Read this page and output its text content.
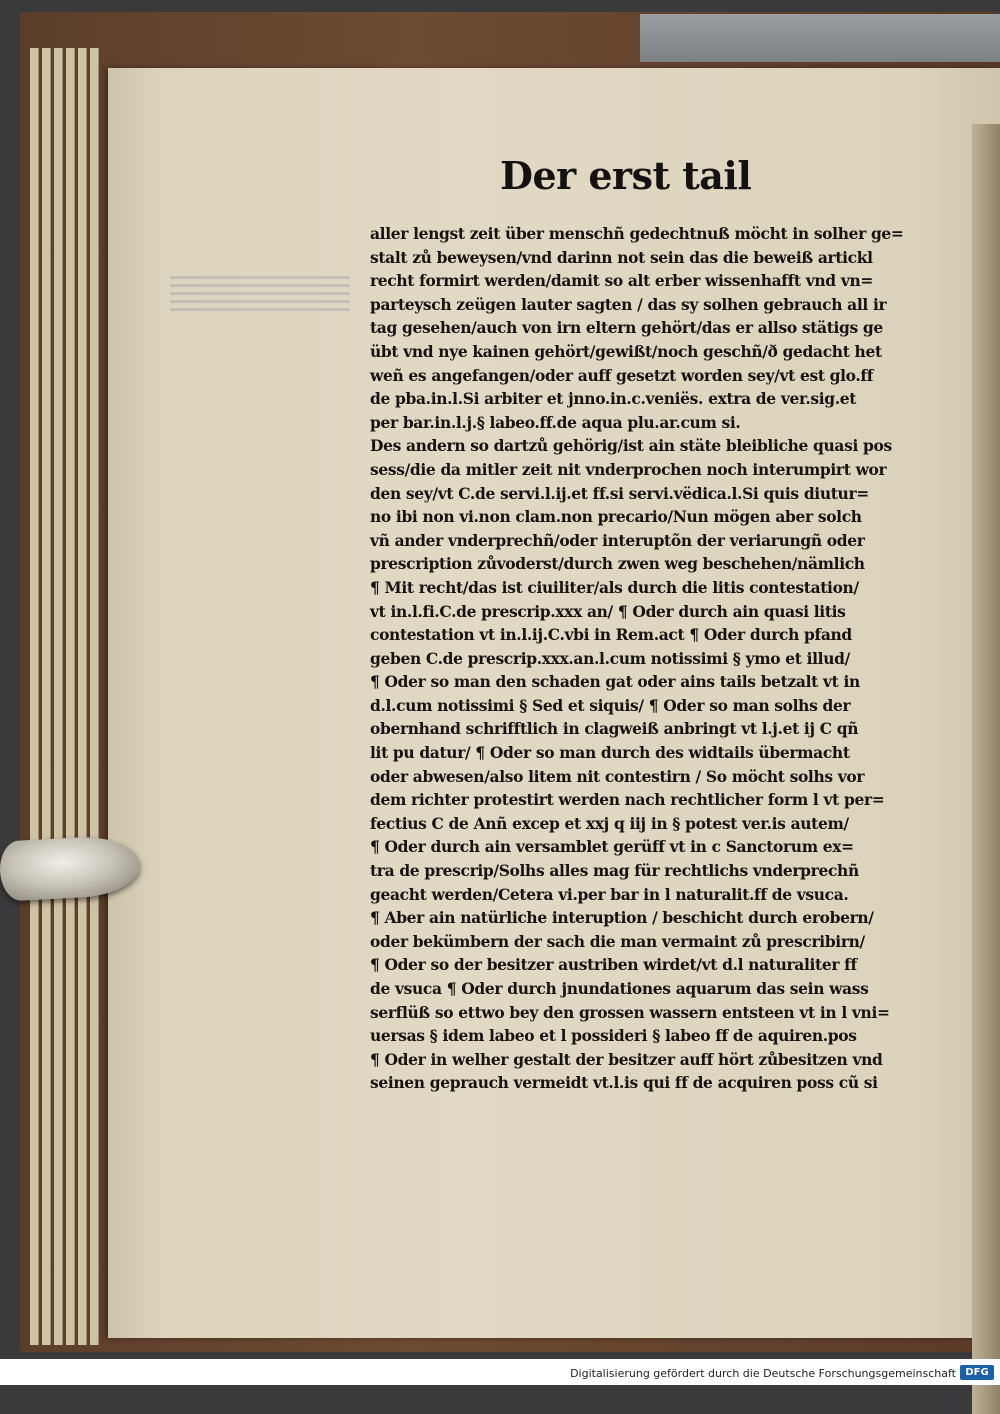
Der erst tail
aller lengst zeit über menschñ gedechtnuß möcht in solher ge=
stalt zů beweysen/vnd darinn not sein das die beweiß artickl
recht formirt werden/damit so alt erber wissenhafft vnd vn=
parteysch zeügen lauter sagten / das sy solhen gebrauch all ir
tag gesehen/auch von irn eltern gehört/das er allso stätigs ge
übt vnd nye kainen gehört/gewißt/noch geschñ/ð gedacht het
weñ es angefangen/oder auff gesetzt worden sey/vt est glo.ff
de pba.in.l.Si arbiter et jnno.in.c.veniës. extra de ver.sig.et
per bar.in.l.j.§ labeo.ff.de aqua plu.ar.cum si.
Des andern so dartzů gehörig/ist ain stäte bleibliche quasi pos
sess/die da mitler zeit nit vnderprochen noch interumpirt wor
den sey/vt C.de servi.l.ij.et ff.si servi.vëdica.l.Si quis diutur=
no ibi non vi.non clam.non precario/Nun mögen aber solch
vñ ander vnderprechñ/oder interuptõn der veriarungñ oder
prescription zůvoderst/durch zwen weg beschehen/nämlich
¶ Mit recht/das ist ciuiliter/als durch die litis contestation/
vt in.l.fi.C.de prescrip.xxx an/ ¶ Oder durch ain quasi litis
contestation vt in.l.ij.C.vbi in Rem.act ¶ Oder durch pfand
geben C.de prescrip.xxx.an.l.cum notissimi § ymo et illud/
¶ Oder so man den schaden gat oder ains tails betzalt vt in
d.l.cum notissimi § Sed et siquis/ ¶ Oder so man solhs der
obernhand schrifftlich in clagweiß anbringt vt l.j.et ij C qñ
lit pu datur/ ¶ Oder so man durch des widtails übermacht
oder abwesen/also litem nit contestirn / So möcht solhs vor
dem richter protestirt werden nach rechtlicher form l vt per=
fectius C de Anñ excep et xxj q iij in § potest ver.is autem/
¶ Oder durch ain versamblet gerüff vt in c Sanctorum ex=
tra de prescrip/Solhs alles mag für rechtlichs vnderprechñ
geacht werden/Cetera vi.per bar in l naturalit.ff de vsuca.
¶ Aber ain natürliche interuption / beschicht durch erobern/
oder bekümbern der sach die man vermaint zů prescribirn/
¶ Oder so der besitzer austriben wirdet/vt d.l naturaliter ff
de vsuca ¶ Oder durch jnundationes aquarum das sein wass
serflüß so ettwo bey den grossen wassern entsteen vt in l vni=
uersas § idem labeo et l possideri § labeo ff de aquiren.pos
¶ Oder in welher gestalt der besitzer auff hört zůbesitzen vnd
seinen geprauch vermeidt vt.l.is qui ff de acquiren poss cũ si
Digitalisierung gefördert durch die Deutsche Forschungsgemeinschaft DFG
